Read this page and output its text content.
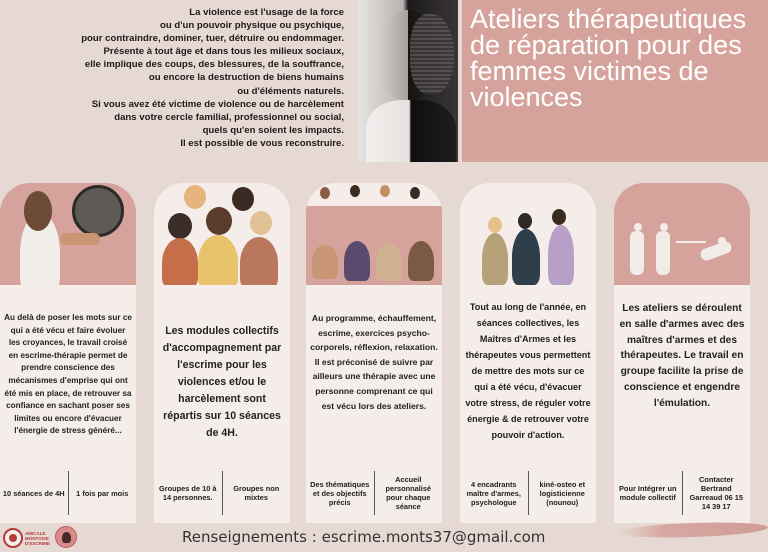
La violence est l'usage de la force
ou d'un pouvoir physique ou psychique,
pour contraindre, dominer, tuer, détruire ou endommager.
Présente à tout âge et dans tous les milieux sociaux,
elle implique des coups, des blessures, de la souffrance,
ou encore la destruction de biens humains
ou d'éléments naturels.
Si vous avez été victime de violence ou de harcèlement
dans votre cercle familial, professionnel ou social,
quels qu'en soient les impacts.
Il est possible de vous reconstruire.
Ateliers thérapeutiques de réparation pour des femmes victimes de violences

Au delà de poser les mots sur ce qui a été vécu et faire évoluer les croyances, le travail croisé en escrime-thérapie permet de prendre conscience des mécanismes d'emprise qui ont été mis en place, de retrouver sa confiance en sachant poser ses limites ou encore d'évacuer l'énergie de stress généré...

10 séances de 4H	1 fois par mois

Les modules collectifs d'accompagnement par l'escrime pour les violences et/ou le harcèlement sont répartis sur 10 séances de 4H.

Groupes de 10 à 14 personnes.
Groupes non mixtes

Au programme, échauffement, escrime, exercices psycho-corporels, réflexion, relaxation. Il est préconisé de suivre par ailleurs une thérapie avec une personne comprenant ce qui est vécu lors des ateliers.

Des thématiques et des objectifs précis
Accueil personnalisé pour chaque séance

Tout au long de l'année, en séances collectives, les Maîtres d'Armes et les thérapeutes vous permettent de mettre des mots sur ce qui a été vécu, d'évacuer votre stress, de réguler votre énergie & de retrouver votre pouvoir d'action.

4 encadrants maître d'armes, psychologue
kiné-osteo et logisticienne (nounou)

Les ateliers se déroulent en salle d'armes avec des maîtres d'armes et des thérapeutes. Le travail en groupe facilite la prise de conscience et engendre l'émulation.

Pour Intégrer un module collectif
Contacter Bertrand Garreaud 06 15 14 39 17
AMICALE MONTOISE D'ESCRIME	Renseignements : escrime.monts37@gmail.com
